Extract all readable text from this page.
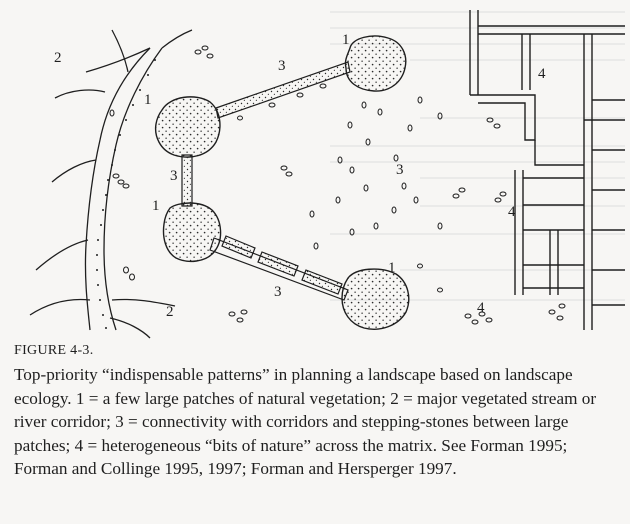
1
3
2
1
3
1
3
2
1
3
4
4
4

FIGURE 4-3.

Top-priority “indispensable patterns” in planning a landscape based on landscape ecology. 1 = a few large patches of natural vegetation; 2 = major vegetated stream or river corridor; 3 = connectivity with corridors and stepping-stones between large patches; 4 = heterogeneous “bits of nature” across the matrix. See Forman 1995; Forman and Collinge 1995, 1997; Forman and Hersperger 1997.
